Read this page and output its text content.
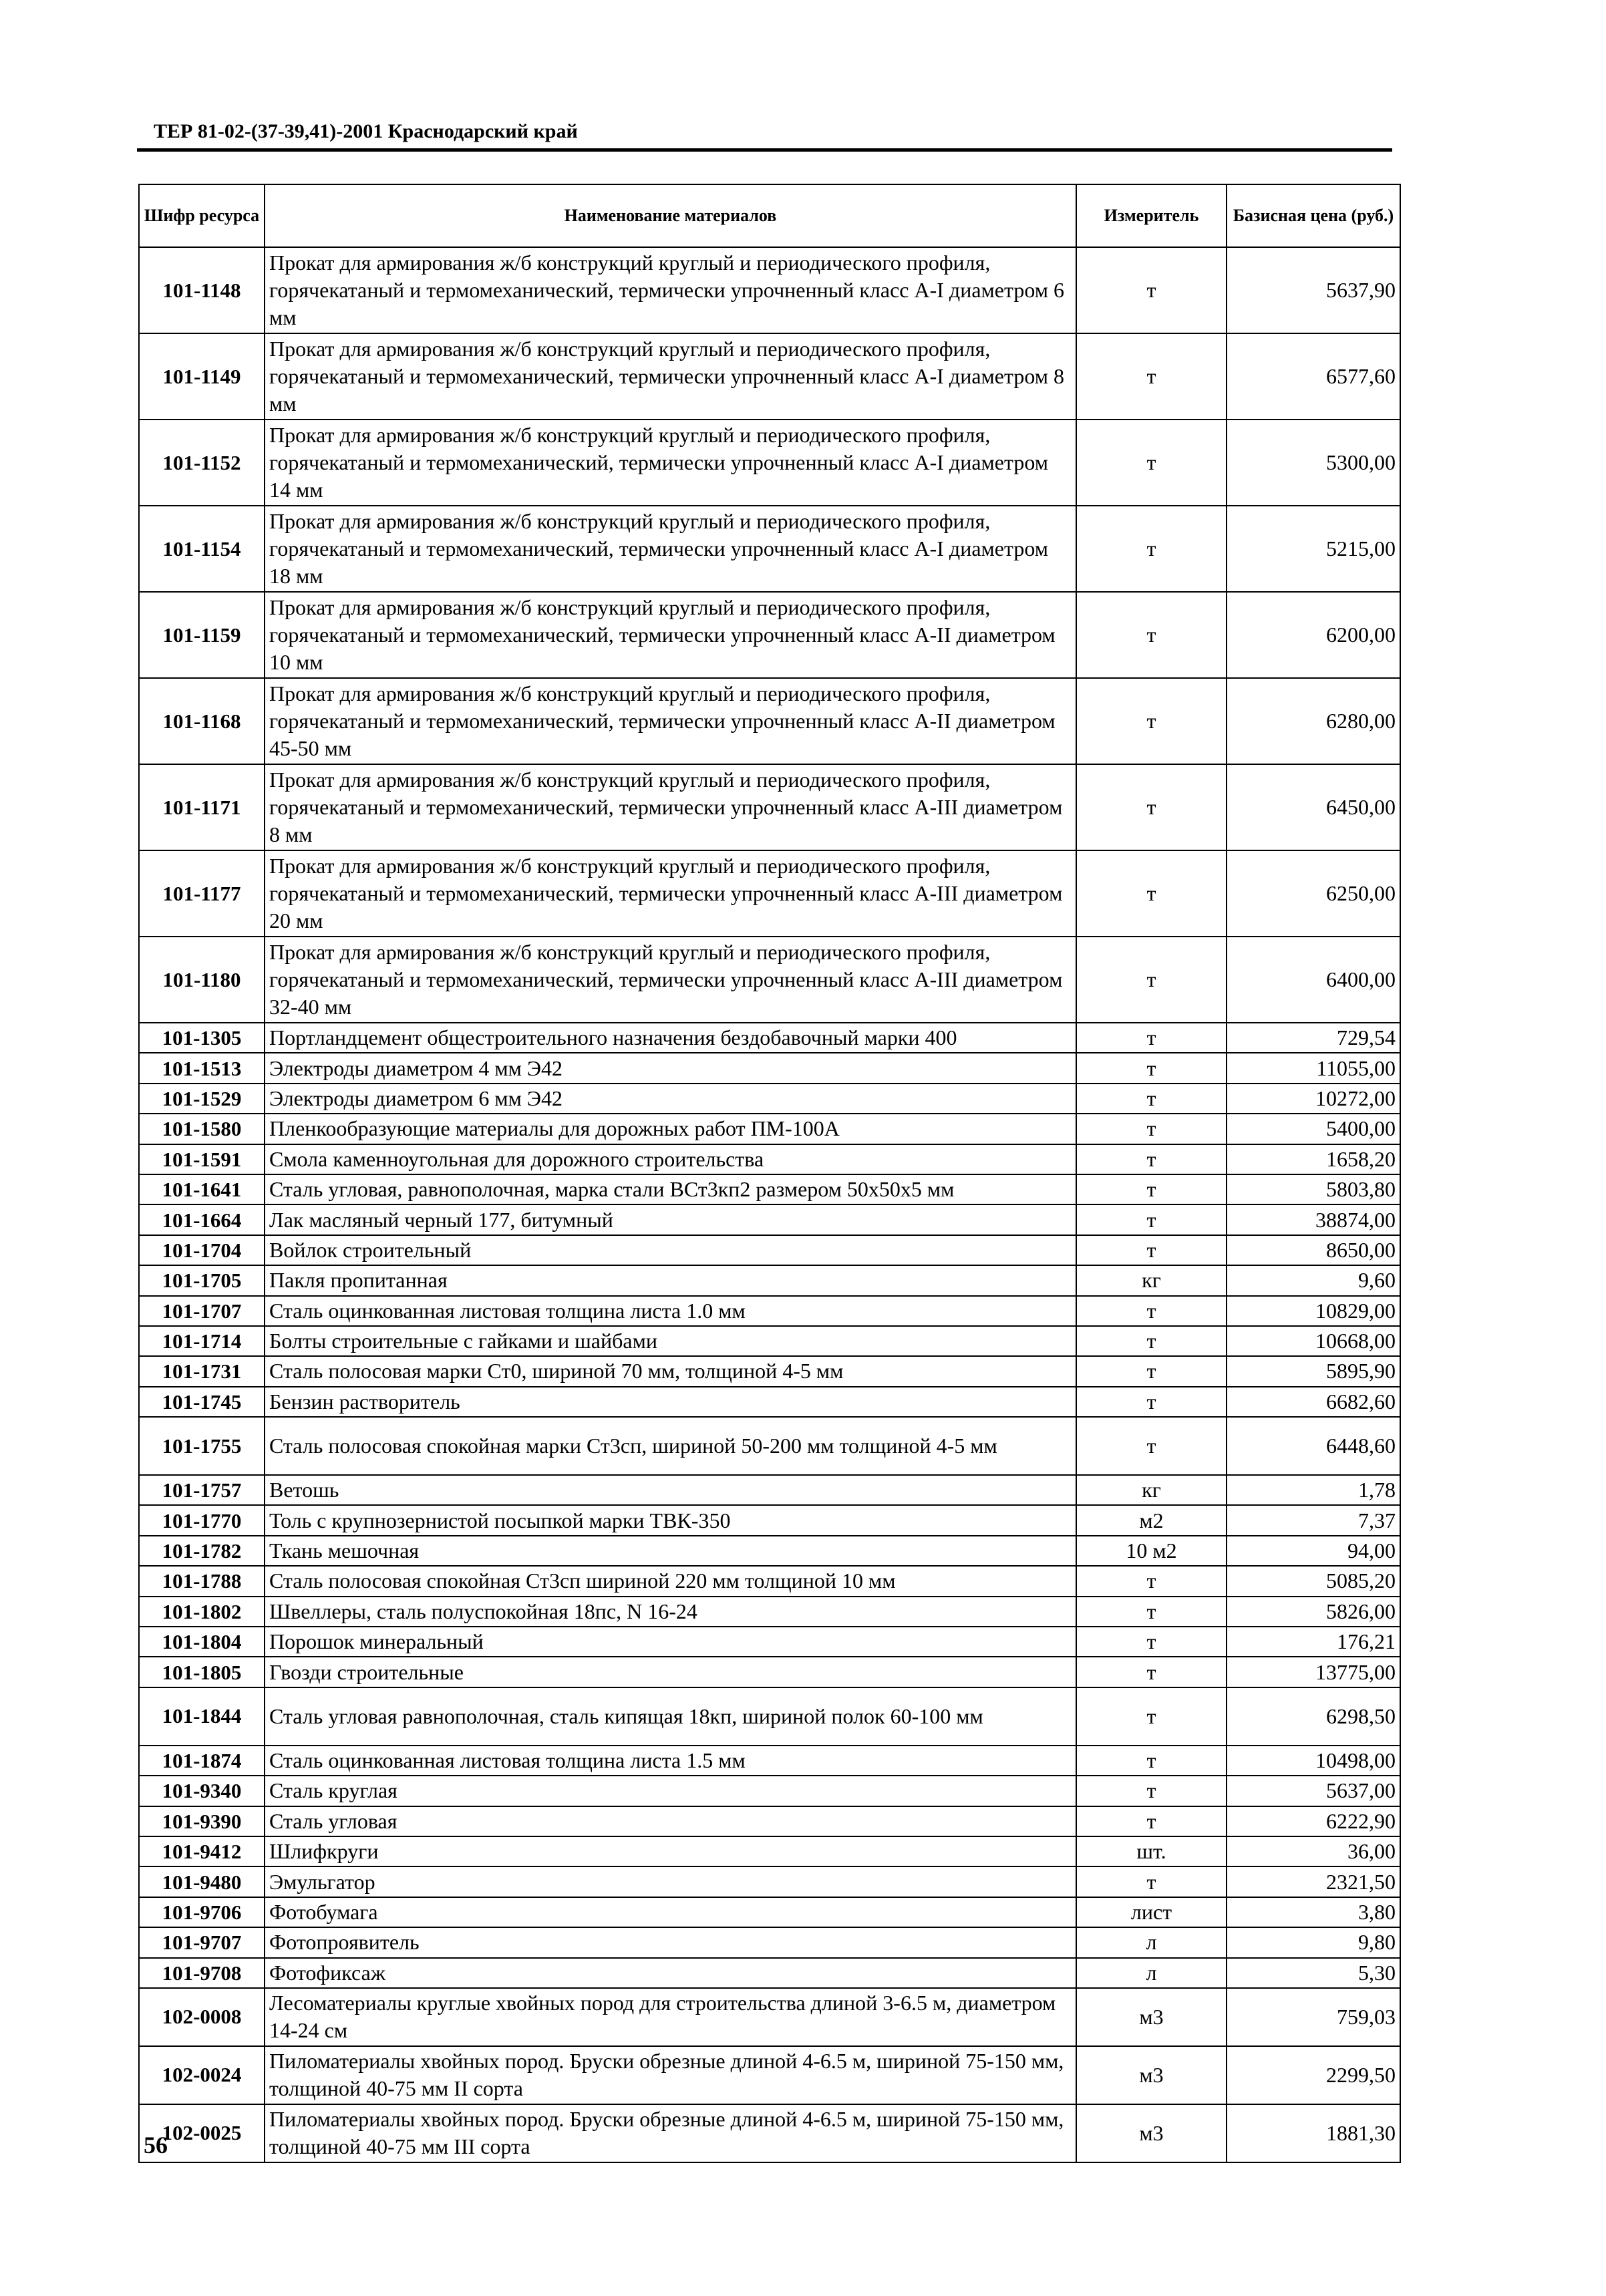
ТЕР 81-02-(37-39,41)-2001 Краснодарский край
Шифр ресурса	Наименование материалов	Измеритель	Базисная цена (руб.)
101-1148	Прокат для армирования ж/б конструкций круглый и периодического профиля, горячекатаный и термомеханический, термически упрочненный класс А-I диаметром 6 мм	т	5637,90
101-1149	Прокат для армирования ж/б конструкций круглый и периодического профиля, горячекатаный и термомеханический, термически упрочненный класс А-I диаметром 8 мм	т	6577,60
101-1152	Прокат для армирования ж/б конструкций круглый и периодического профиля, горячекатаный и термомеханический, термически упрочненный класс А-I диаметром 14 мм	т	5300,00
101-1154	Прокат для армирования ж/б конструкций круглый и периодического профиля, горячекатаный и термомеханический, термически упрочненный класс А-I диаметром 18 мм	т	5215,00
101-1159	Прокат для армирования ж/б конструкций круглый и периодического профиля, горячекатаный и термомеханический, термически упрочненный класс А-II диаметром 10 мм	т	6200,00
101-1168	Прокат для армирования ж/б конструкций круглый и периодического профиля, горячекатаный и термомеханический, термически упрочненный класс А-II диаметром 45-50 мм	т	6280,00
101-1171	Прокат для армирования ж/б конструкций круглый и периодического профиля, горячекатаный и термомеханический, термически упрочненный класс А-III диаметром 8 мм	т	6450,00
101-1177	Прокат для армирования ж/б конструкций круглый и периодического профиля, горячекатаный и термомеханический, термически упрочненный класс А-III диаметром 20 мм	т	6250,00
101-1180	Прокат для армирования ж/б конструкций круглый и периодического профиля, горячекатаный и термомеханический, термически упрочненный класс А-III диаметром 32-40 мм	т	6400,00
101-1305	Портландцемент общестроительного назначения бездобавочный марки 400	т	729,54
101-1513	Электроды диаметром 4 мм Э42	т	11055,00
101-1529	Электроды диаметром 6 мм Э42	т	10272,00
101-1580	Пленкообразующие материалы для дорожных работ ПМ-100А	т	5400,00
101-1591	Смола каменноугольная для дорожного строительства	т	1658,20
101-1641	Сталь угловая, равнополочная, марка стали ВСт3кп2 размером 50х50х5 мм	т	5803,80
101-1664	Лак масляный черный 177, битумный	т	38874,00
101-1704	Войлок строительный	т	8650,00
101-1705	Пакля пропитанная	кг	9,60
101-1707	Сталь оцинкованная листовая толщина листа 1.0 мм	т	10829,00
101-1714	Болты строительные с гайками и шайбами	т	10668,00
101-1731	Сталь полосовая марки Ст0, шириной 70 мм, толщиной 4-5 мм	т	5895,90
101-1745	Бензин растворитель	т	6682,60
101-1755	Сталь полосовая спокойная марки Ст3сп, шириной 50-200 мм толщиной 4-5 мм	т	6448,60
101-1757	Ветошь	кг	1,78
101-1770	Толь с крупнозернистой посыпкой марки ТВК-350	м2	7,37
101-1782	Ткань мешочная	10 м2	94,00
101-1788	Сталь полосовая спокойная Ст3сп шириной 220 мм толщиной 10 мм	т	5085,20
101-1802	Швеллеры, сталь полуспокойная 18пс, N 16-24	т	5826,00
101-1804	Порошок минеральный	т	176,21
101-1805	Гвозди строительные	т	13775,00
101-1844	Сталь угловая равнополочная, сталь кипящая 18кп, шириной полок 60-100 мм	т	6298,50
101-1874	Сталь оцинкованная листовая толщина листа 1.5 мм	т	10498,00
101-9340	Сталь круглая	т	5637,00
101-9390	Сталь угловая	т	6222,90
101-9412	Шлифкруги	шт.	36,00
101-9480	Эмульгатор	т	2321,50
101-9706	Фотобумага	лист	3,80
101-9707	Фотопроявитель	л	9,80
101-9708	Фотофиксаж	л	5,30
102-0008	Лесоматериалы круглые хвойных пород для строительства длиной 3-6.5 м, диаметром 14-24 см	м3	759,03
102-0024	Пиломатериалы хвойных пород. Бруски обрезные длиной 4-6.5 м, шириной 75-150 мм, толщиной 40-75 мм II сорта	м3	2299,50
102-0025	Пиломатериалы хвойных пород. Бруски обрезные длиной 4-6.5 м, шириной 75-150 мм, толщиной 40-75 мм III сорта	м3	1881,30
56
